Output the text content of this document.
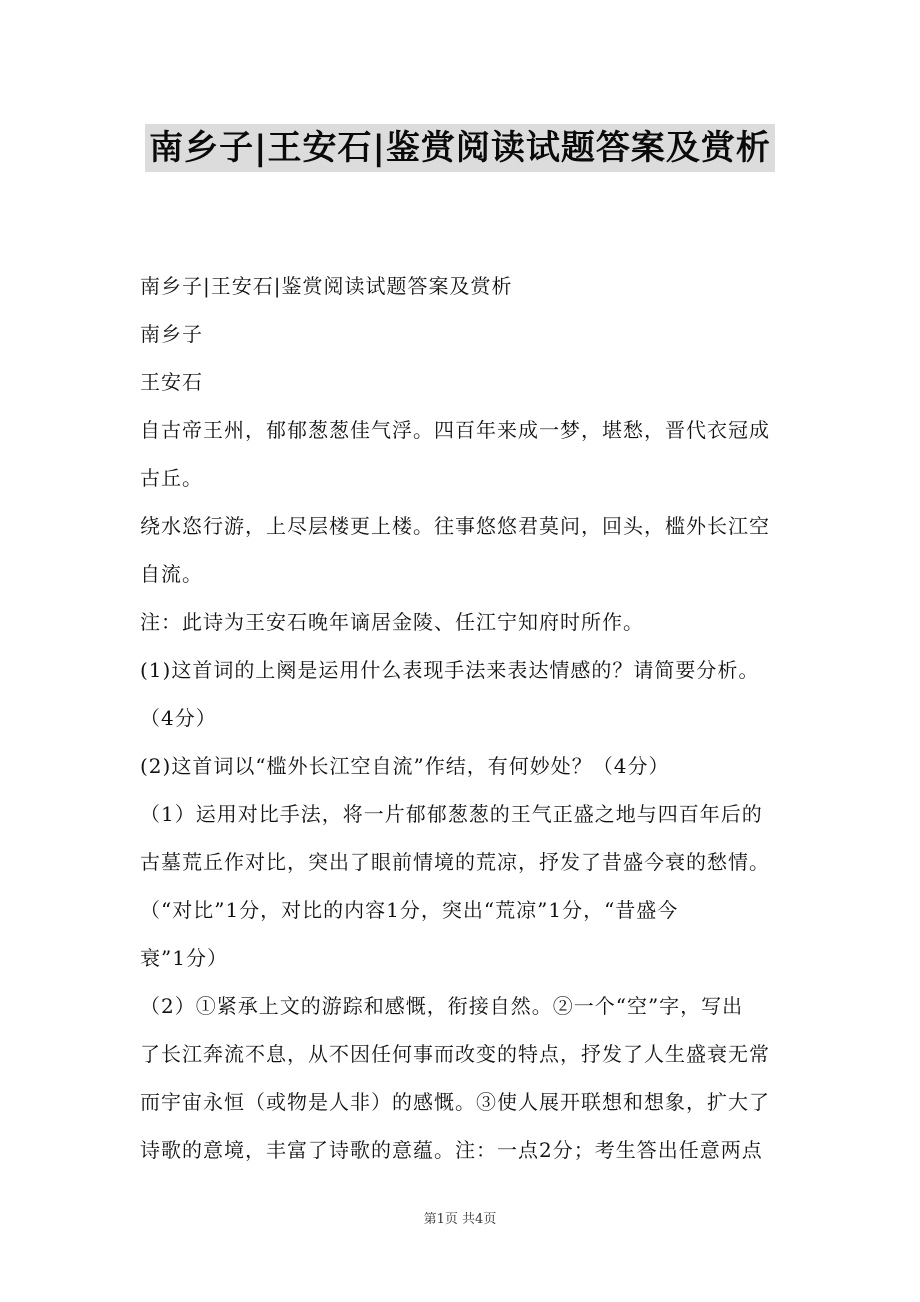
南乡子|王安石|鉴赏阅读试题答案及赏析

南乡子|王安石|鉴赏阅读试题答案及赏析

南乡子

王安石

自古帝王州，郁郁葱葱佳气浮。四百年来成一梦，堪愁，晋代衣冠成

古丘。

绕水恣行游，上尽层楼更上楼。往事悠悠君莫问，回头，槛外长江空

自流。

注：此诗为王安石晚年谪居金陵、任江宁知府时所作。

(1)这首词的上阕是运用什么表现手法来表达情感的？请简要分析。

（4分）

(2)这首词以“槛外长江空自流”作结，有何妙处？（4分）

（1）运用对比手法，将一片郁郁葱葱的王气正盛之地与四百年后的

古墓荒丘作对比，突出了眼前情境的荒凉，抒发了昔盛今衰的愁情。

（“对比”1分，对比的内容1分，突出“荒凉”1分，“昔盛今

衰”1分）

（2）①紧承上文的游踪和感慨，衔接自然。②一个“空”字，写出

了长江奔流不息，从不因任何事而改变的特点，抒发了人生盛衰无常

而宇宙永恒（或物是人非）的感慨。③使人展开联想和想象，扩大了

诗歌的意境，丰富了诗歌的意蕴。注：一点2分；考生答出任意两点

第1页 共4页
